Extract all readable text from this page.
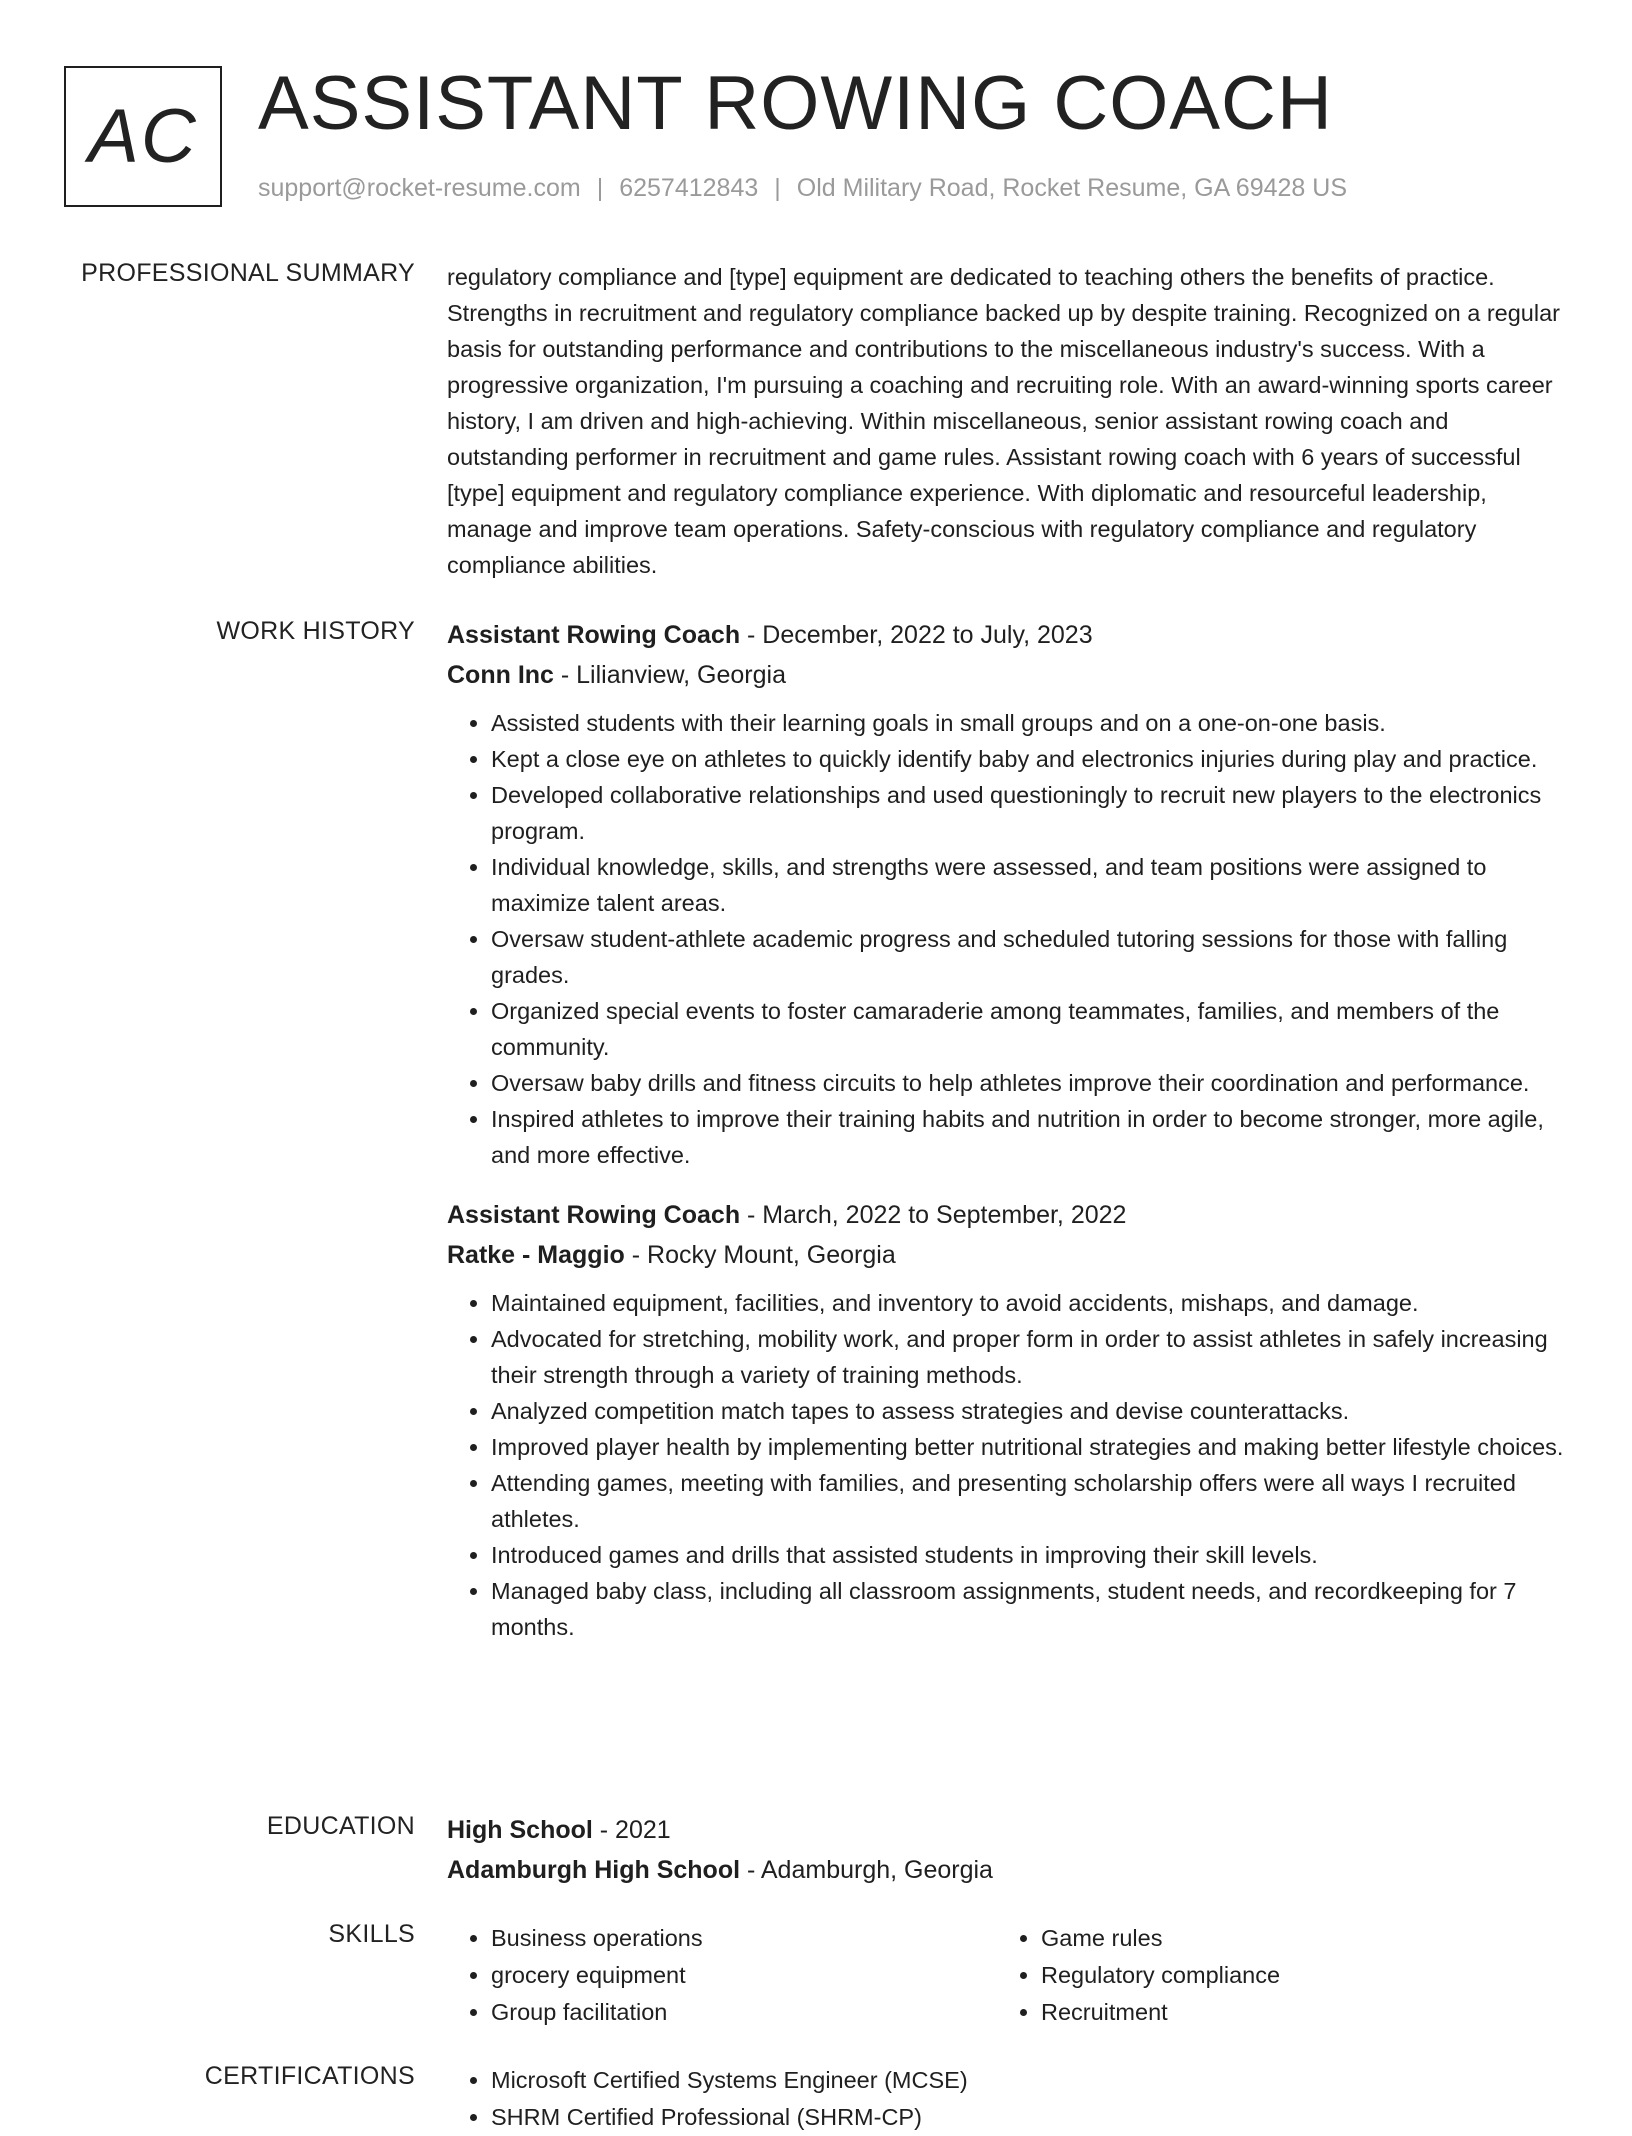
AC ASSISTANT ROWING COACH
support@rocket-resume.com | 6257412843 | Old Military Road, Rocket Resume, GA 69428 US
PROFESSIONAL SUMMARY regulatory compliance and [type] equipment are dedicated to teaching others the benefits of practice. Strengths in recruitment and regulatory compliance backed up by despite training. Recognized on a regular basis for outstanding performance and contributions to the miscellaneous industry's success. With a progressive organization, I'm pursuing a coaching and recruiting role. With an award-winning sports career history, I am driven and high-achieving. Within miscellaneous, senior assistant rowing coach and outstanding performer in recruitment and game rules. Assistant rowing coach with 6 years of successful [type] equipment and regulatory compliance experience. With diplomatic and resourceful leadership, manage and improve team operations. Safety-conscious with regulatory compliance and regulatory compliance abilities.
WORK HISTORY Assistant Rowing Coach - December, 2022 to July, 2023
Conn Inc - Lilianview, Georgia
• Assisted students with their learning goals in small groups and on a one-on-one basis.
• Kept a close eye on athletes to quickly identify baby and electronics injuries during play and practice.
• Developed collaborative relationships and used questioningly to recruit new players to the electronics program.
• Individual knowledge, skills, and strengths were assessed, and team positions were assigned to maximize talent areas.
• Oversaw student-athlete academic progress and scheduled tutoring sessions for those with falling grades.
• Organized special events to foster camaraderie among teammates, families, and members of the community.
• Oversaw baby drills and fitness circuits to help athletes improve their coordination and performance.
• Inspired athletes to improve their training habits and nutrition in order to become stronger, more agile, and more effective.
Assistant Rowing Coach - March, 2022 to September, 2022
Ratke - Maggio - Rocky Mount, Georgia
• Maintained equipment, facilities, and inventory to avoid accidents, mishaps, and damage.
• Advocated for stretching, mobility work, and proper form in order to assist athletes in safely increasing their strength through a variety of training methods.
• Analyzed competition match tapes to assess strategies and devise counterattacks.
• Improved player health by implementing better nutritional strategies and making better lifestyle choices.
• Attending games, meeting with families, and presenting scholarship offers were all ways I recruited athletes.
• Introduced games and drills that assisted students in improving their skill levels.
• Managed baby class, including all classroom assignments, student needs, and recordkeeping for 7 months.
EDUCATION High School - 2021
Adamburgh High School - Adamburgh, Georgia
SKILLS	• Business operations
• grocery equipment
• Group facilitation
• Game rules
• Regulatory compliance
• Recruitment
CERTIFICATIONS	• Microsoft Certified Systems Engineer (MCSE)
• SHRM Certified Professional (SHRM-CP)
